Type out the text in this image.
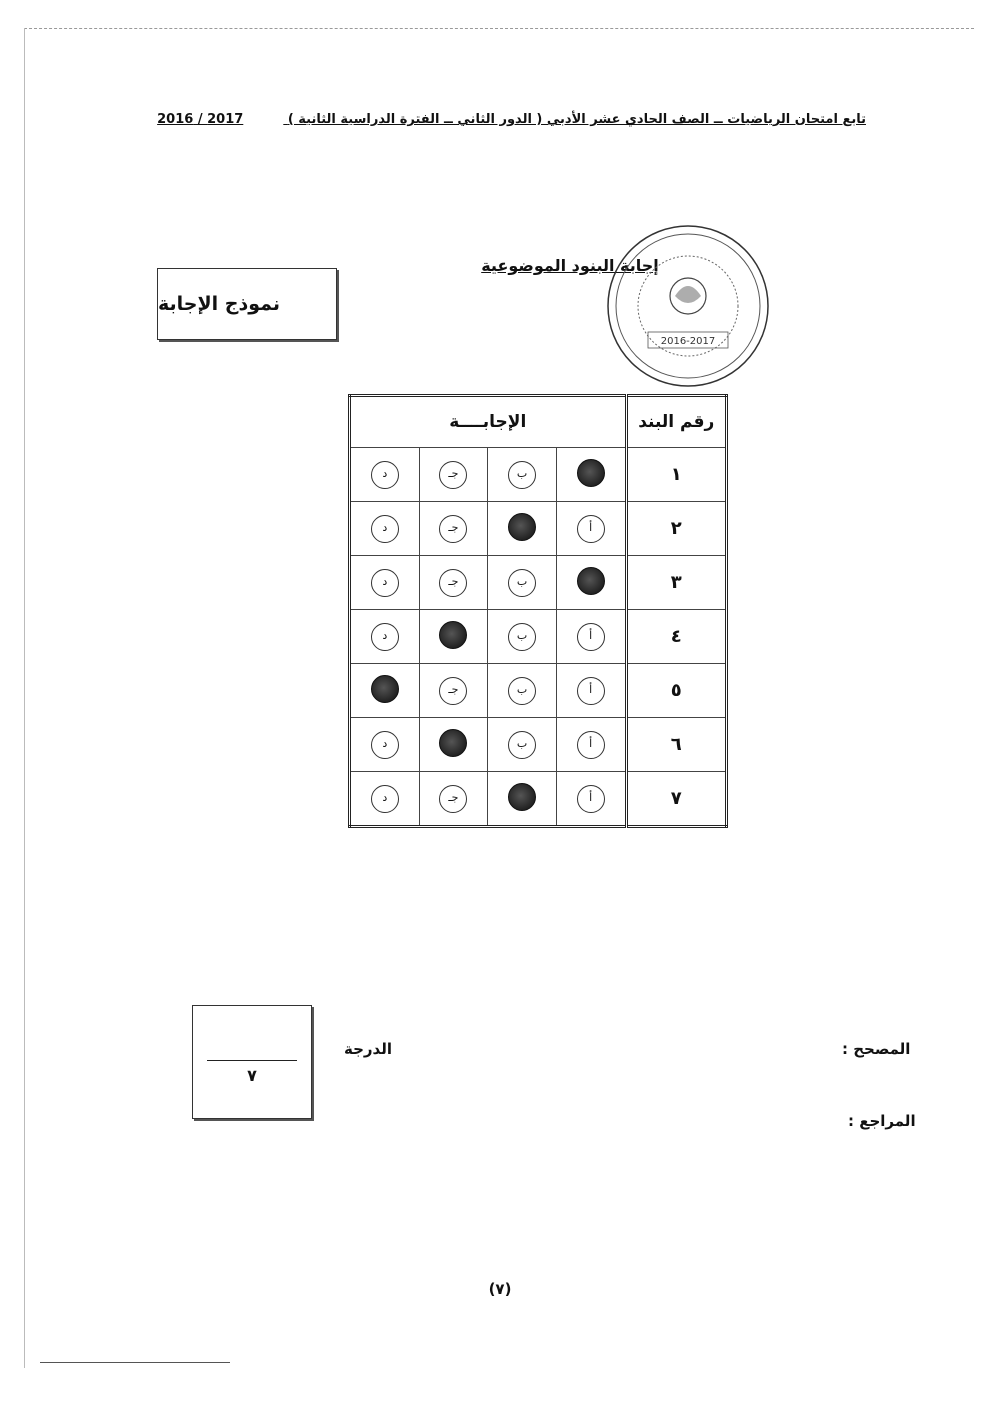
تابع امتحان الرياضيات ــ الصف الحادي عشر الأدبي ( الدور الثاني ــ الفترة الدراسية الثانية ) 2017 / 2016
نموذج الإجابة
إجابة البنود الموضوعية
2016-2017
الإجابــــة				رقم البند
د	جـ	ب		١
د	جـ		أ	٢
د	جـ	ب		٣
د		ب	أ	٤
	جـ	ب	أ	٥
د		ب	أ	٦
د	جـ		أ	٧
٧
الدرجة	المصحح :
المراجع :
(٧)
